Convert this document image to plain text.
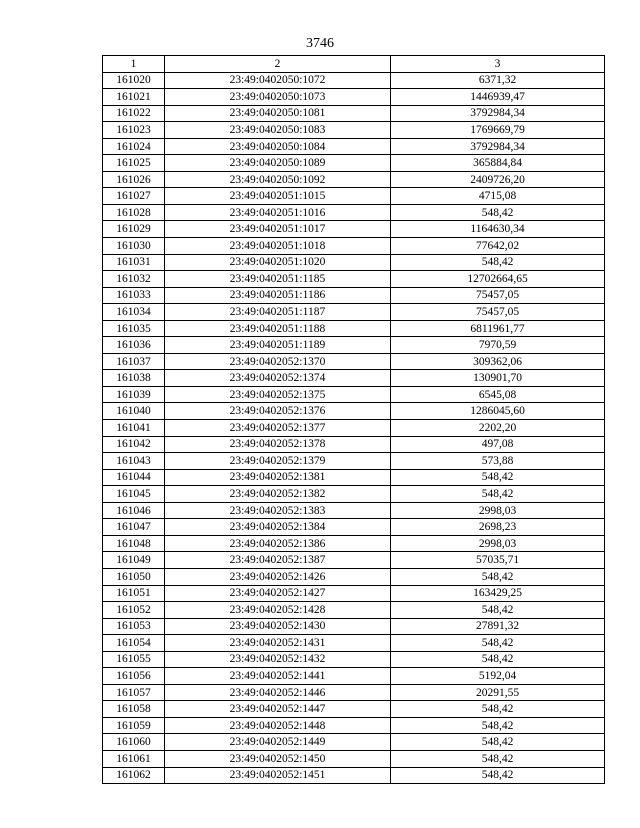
3746
1	2	3
161020	23:49:0402050:1072	6371,32
161021	23:49:0402050:1073	1446939,47
161022	23:49:0402050:1081	3792984,34
161023	23:49:0402050:1083	1769669,79
161024	23:49:0402050:1084	3792984,34
161025	23:49:0402050:1089	365884,84
161026	23:49:0402050:1092	2409726,20
161027	23:49:0402051:1015	4715,08
161028	23:49:0402051:1016	548,42
161029	23:49:0402051:1017	1164630,34
161030	23:49:0402051:1018	77642,02
161031	23:49:0402051:1020	548,42
161032	23:49:0402051:1185	12702664,65
161033	23:49:0402051:1186	75457,05
161034	23:49:0402051:1187	75457,05
161035	23:49:0402051:1188	6811961,77
161036	23:49:0402051:1189	7970,59
161037	23:49:0402052:1370	309362,06
161038	23:49:0402052:1374	130901,70
161039	23:49:0402052:1375	6545,08
161040	23:49:0402052:1376	1286045,60
161041	23:49:0402052:1377	2202,20
161042	23:49:0402052:1378	497,08
161043	23:49:0402052:1379	573,88
161044	23:49:0402052:1381	548,42
161045	23:49:0402052:1382	548,42
161046	23:49:0402052:1383	2998,03
161047	23:49:0402052:1384	2698,23
161048	23:49:0402052:1386	2998,03
161049	23:49:0402052:1387	57035,71
161050	23:49:0402052:1426	548,42
161051	23:49:0402052:1427	163429,25
161052	23:49:0402052:1428	548,42
161053	23:49:0402052:1430	27891,32
161054	23:49:0402052:1431	548,42
161055	23:49:0402052:1432	548,42
161056	23:49:0402052:1441	5192,04
161057	23:49:0402052:1446	20291,55
161058	23:49:0402052:1447	548,42
161059	23:49:0402052:1448	548,42
161060	23:49:0402052:1449	548,42
161061	23:49:0402052:1450	548,42
161062	23:49:0402052:1451	548,42
